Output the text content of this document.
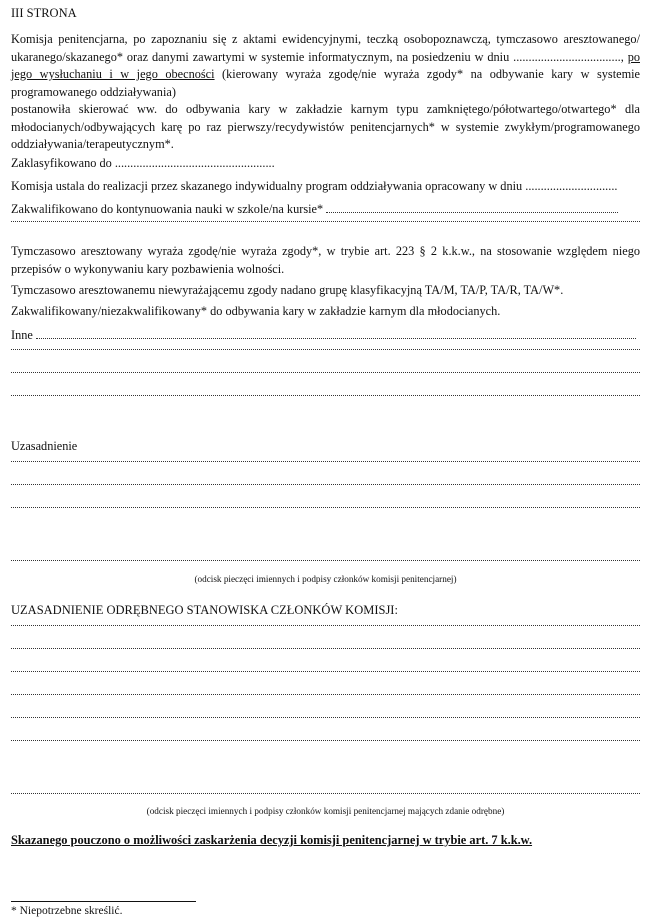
III STRONA
Komisja penitencjarna, po zapoznaniu się z aktami ewidencyjnymi, teczką osobopoznawczą, tymczasowo aresztowanego/ ukaranego/skazanego* oraz danymi zawartymi w systemie informatycznym, na posiedzeniu w dniu ..................................., po jego wysłuchaniu i w jego obecności (kierowany wyraża zgodę/nie wyraża zgody* na odbywanie kary w systemie programowanego oddziaływania)
postanowiła skierować ww. do odbywania kary w zakładzie karnym typu zamkniętego/półotwartego/otwartego* dla młodocianych/odbywających karę po raz pierwszy/recydywistów penitencjarnych* w systemie zwykłym/programowanego oddziaływania/terapeutycznym*.
Zaklasyfikowano do ....................................................
Komisja ustala do realizacji przez skazanego indywidualny program oddziaływania opracowany w dniu ..............................
Zakwalifikowano do kontynuowania nauki w szkole/na kursie*
Tymczasowo aresztowany wyraża zgodę/nie wyraża zgody*, w trybie art. 223 § 2 k.k.w., na stosowanie względem niego przepisów o wykonywaniu kary pozbawienia wolności.
Tymczasowo aresztowanemu niewyrażającemu zgody nadano grupę klasyfikacyjną TA/M, TA/P, TA/R, TA/W*.
Zakwalifikowany/niezakwalifikowany* do odbywania kary w zakładzie karnym dla młodocianych.
Inne
Uzasadnienie
(odcisk pieczęci imiennych i podpisy członków komisji penitencjarnej)
UZASADNIENIE ODRĘBNEGO STANOWISKA CZŁONKÓW KOMISJI:
(odcisk pieczęci imiennych i podpisy członków komisji penitencjarnej mających zdanie odrębne)
Skazanego pouczono o możliwości zaskarżenia decyzji komisji penitencjarnej w trybie art. 7 k.k.w.
* Niepotrzebne skreślić.
